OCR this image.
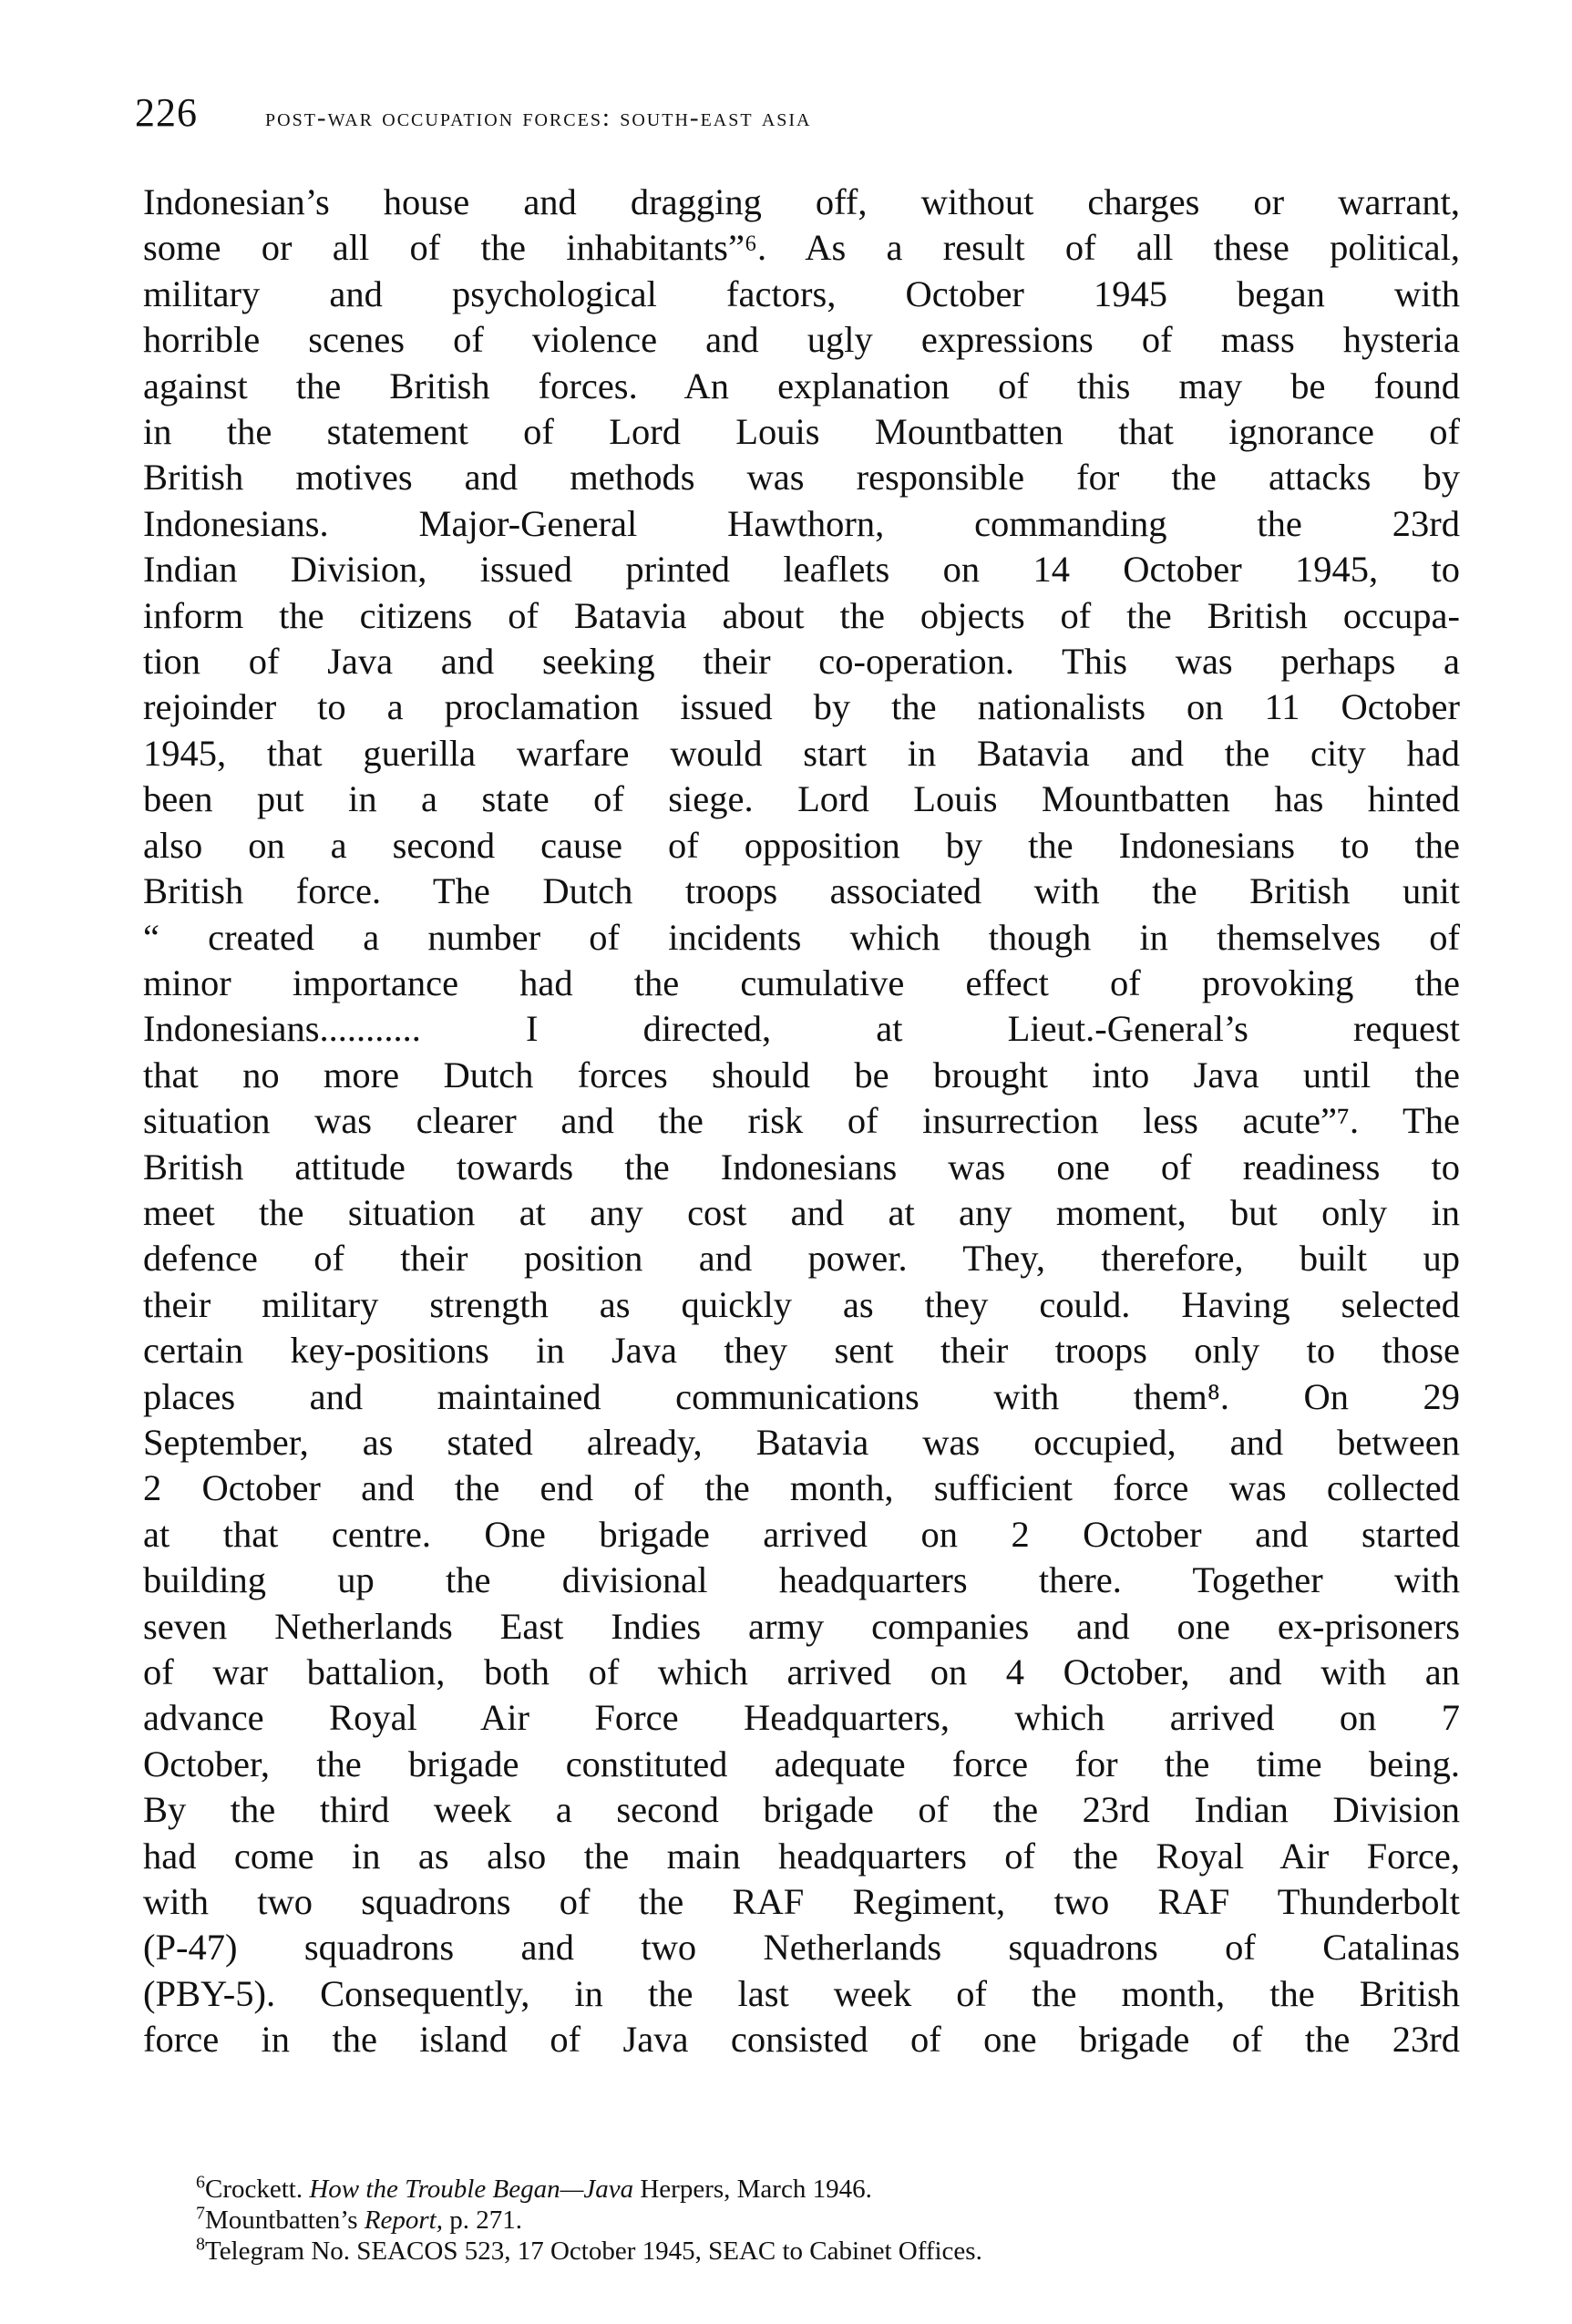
226	post-war occupation forces: south-east asia
Indonesian’s house and dragging off, without charges or warrant,
some or all of the inhabitants”⁶. As a result of all these political,
military and psychological factors, October 1945 began with
horrible scenes of violence and ugly expressions of mass hysteria
against the British forces. An explanation of this may be found
in the statement of Lord Louis Mountbatten that ignorance of
British motives and methods was responsible for the attacks by
Indonesians. Major-General Hawthorn, commanding the 23rd
Indian Division, issued printed leaflets on 14 October 1945, to
inform the citizens of Batavia about the objects of the British occupa-
tion of Java and seeking their co-operation. This was perhaps a
rejoinder to a proclamation issued by the nationalists on 11 October
1945, that guerilla warfare would start in Batavia and the city had
been put in a state of siege. Lord Louis Mountbatten has hinted
also on a second cause of opposition by the Indonesians to the
British force. The Dutch troops associated with the British unit
“ created a number of incidents which though in themselves of
minor importance had the cumulative effect of provoking the
Indonesians........... I directed, at Lieut.-General’s request
that no more Dutch forces should be brought into Java until the
situation was clearer and the risk of insurrection less acute”⁷. The
British attitude towards the Indonesians was one of readiness to
meet the situation at any cost and at any moment, but only in
defence of their position and power. They, therefore, built up
their military strength as quickly as they could. Having selected
certain key-positions in Java they sent their troops only to those
places and maintained communications with them⁸. On 29
September, as stated already, Batavia was occupied, and between
2 October and the end of the month, sufficient force was collected
at that centre. One brigade arrived on 2 October and started
building up the divisional headquarters there. Together with
seven Netherlands East Indies army companies and one ex-prisoners
of war battalion, both of which arrived on 4 October, and with an
advance Royal Air Force Headquarters, which arrived on 7
October, the brigade constituted adequate force for the time being.
By the third week a second brigade of the 23rd Indian Division
had come in as also the main headquarters of the Royal Air Force,
with two squadrons of the RAF Regiment, two RAF Thunderbolt
(P-47) squadrons and two Netherlands squadrons of Catalinas
(PBY-5). Consequently, in the last week of the month, the British
force in the island of Java consisted of one brigade of the 23rd
$^6$Crockett. How the Trouble Began—Java Herpers, March 1946.
$^7$Mountbatten’s Report, p. 271.
$^8$Telegram No. SEACOS 523, 17 October 1945, SEAC to Cabinet Offices.
